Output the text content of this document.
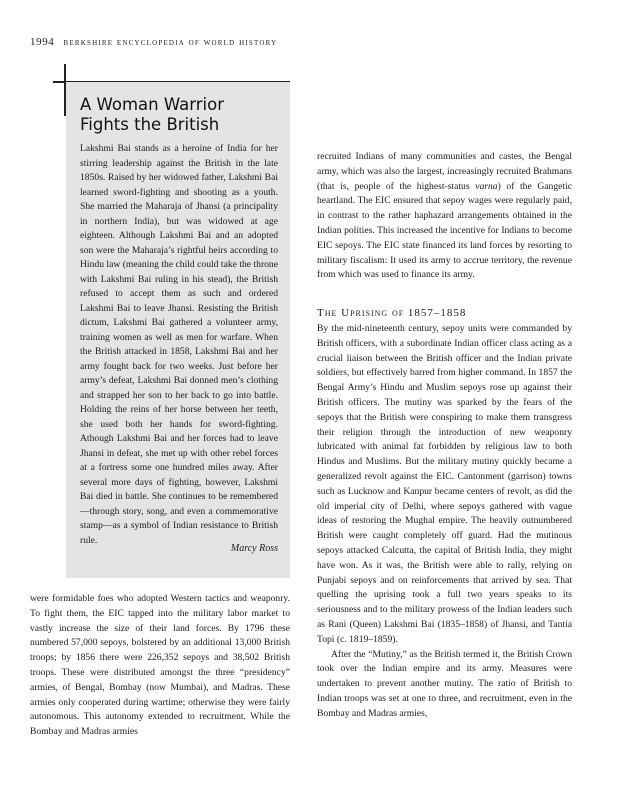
1994 berkshire encyclopedia of world history
A Woman Warrior Fights the British

Lakshmi Bai stands as a heroine of India for her stirring leadership against the British in the late 1850s. Raised by her widowed father, Lakshmi Bai learned sword-fighting and shooting as a youth. She married the Maharaja of Jhansi (a principality in northern India), but was widowed at age eighteen. Although Lakshmi Bai and an adopted son were the Maharaja’s rightful heirs according to Hindu law (meaning the child could take the throne with Lakshmi Bai ruling in his stead), the British refused to accept them as such and ordered Lakshmi Bai to leave Jhansi. Resisting the British dictum, Lakshmi Bai gathered a volunteer army, training women as well as men for warfare. When the British attacked in 1858, Lakshmi Bai and her army fought back for two weeks. Just before her army’s defeat, Lakshmi Bai donned men’s clothing and strapped her son to her back to go into battle. Holding the reins of her horse between her teeth, she used both her hands for sword-fighting. Athough Lakshmi Bai and her forces had to leave Jhansi in defeat, she met up with other rebel forces at a fortress some one hundred miles away. After several more days of fighting, however, Lakshmi Bai died in battle. She continues to be remembered—through story, song, and even a commemorative stamp—as a symbol of Indian resistance to British rule.

Marcy Ross

were formidable foes who adopted Western tactics and weaponry. To fight them, the EIC tapped into the military labor market to vastly increase the size of their land forces. By 1796 these numbered 57,000 sepoys, bolstered by an additional 13,000 British troops; by 1856 there were 226,352 sepoys and 38,502 British troops. These were distributed amongst the three “presidency” armies, of Bengal, Bombay (now Mumbai), and Madras. These armies only cooperated during wartime; otherwise they were fairly autonomous. This autonomy extended to recruitment. While the Bombay and Madras armies

recruited Indians of many communities and castes, the Bengal army, which was also the largest, increasingly recruited Brahmans (that is, people of the highest-status varna) of the Gangetic heartland. The EIC ensured that sepoy wages were regularly paid, in contrast to the rather haphazard arrangements obtained in the Indian polities. This increased the incentive for Indians to become EIC sepoys. The EIC state financed its land forces by resorting to military fiscalism: It used its army to accrue territory, the revenue from which was used to finance its army.

The Uprising of 1857–1858

By the mid-nineteenth century, sepoy units were commanded by British officers, with a subordinate Indian officer class acting as a crucial liaison between the British officer and the Indian private soldiers, but effectively barred from higher command. In 1857 the Bengal Army’s Hindu and Muslim sepoys rose up against their British officers. The mutiny was sparked by the fears of the sepoys that the British were conspiring to make them transgress their religion through the introduction of new weaponry lubricated with animal fat forbidden by religious law to both Hindus and Muslims. But the military mutiny quickly became a generalized revolt against the EIC. Cantonment (garrison) towns such as Lucknow and Kanpur became centers of revolt, as did the old imperial city of Delhi, where sepoys gathered with vague ideas of restoring the Mughal empire. The heavily outnumbered British were caught completely off guard. Had the mutinous sepoys attacked Calcutta, the capital of British India, they might have won. As it was, the British were able to rally, relying on Punjabi sepoys and on reinforcements that arrived by sea. That quelling the uprising took a full two years speaks to its seriousness and to the military prowess of the Indian leaders such as Rani (Queen) Lakshmi Bai (1835–1858) of Jhansi, and Tantia Topi (c. 1819–1859).

After the “Mutiny,” as the British termed it, the British Crown took over the Indian empire and its army. Measures were undertaken to prevent another mutiny. The ratio of British to Indian troops was set at one to three, and recruitment, even in the Bombay and Madras armies,
